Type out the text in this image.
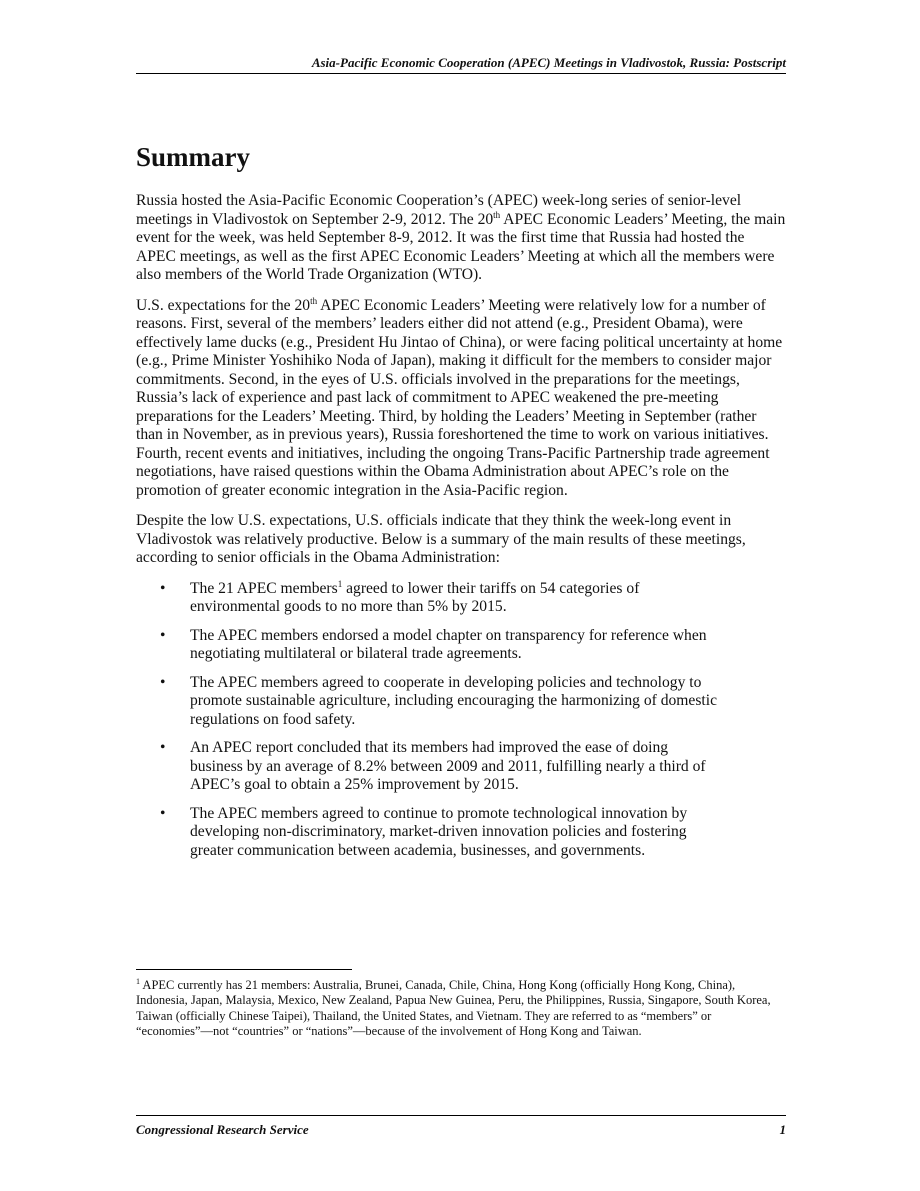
Asia-Pacific Economic Cooperation (APEC) Meetings in Vladivostok, Russia: Postscript
Summary

Russia hosted the Asia-Pacific Economic Cooperation’s (APEC) week-long series of senior-level meetings in Vladivostok on September 2-9, 2012. The 20th APEC Economic Leaders’ Meeting, the main event for the week, was held September 8-9, 2012. It was the first time that Russia had hosted the APEC meetings, as well as the first APEC Economic Leaders’ Meeting at which all the members were also members of the World Trade Organization (WTO).

U.S. expectations for the 20th APEC Economic Leaders’ Meeting were relatively low for a number of reasons. First, several of the members’ leaders either did not attend (e.g., President Obama), were effectively lame ducks (e.g., President Hu Jintao of China), or were facing political uncertainty at home (e.g., Prime Minister Yoshihiko Noda of Japan), making it difficult for the members to consider major commitments. Second, in the eyes of U.S. officials involved in the preparations for the meetings, Russia’s lack of experience and past lack of commitment to APEC weakened the pre-meeting preparations for the Leaders’ Meeting. Third, by holding the Leaders’ Meeting in September (rather than in November, as in previous years), Russia foreshortened the time to work on various initiatives. Fourth, recent events and initiatives, including the ongoing Trans-Pacific Partnership trade agreement negotiations, have raised questions within the Obama Administration about APEC’s role on the promotion of greater economic integration in the Asia-Pacific region.

Despite the low U.S. expectations, U.S. officials indicate that they think the week-long event in Vladivostok was relatively productive. Below is a summary of the main results of these meetings, according to senior officials in the Obama Administration:

• The 21 APEC members$^1$ agreed to lower their tariffs on 54 categories of environmental goods to no more than 5% by 2015.
• The APEC members endorsed a model chapter on transparency for reference when negotiating multilateral or bilateral trade agreements.
• The APEC members agreed to cooperate in developing policies and technology to promote sustainable agriculture, including encouraging the harmonizing of domestic regulations on food safety.
• An APEC report concluded that its members had improved the ease of doing business by an average of 8.2% between 2009 and 2011, fulfilling nearly a third of APEC’s goal to obtain a 25% improvement by 2015.
• The APEC members agreed to continue to promote technological innovation by developing non-discriminatory, market-driven innovation policies and fostering greater communication between academia, businesses, and governments.
$^1$ APEC currently has 21 members: Australia, Brunei, Canada, Chile, China, Hong Kong (officially Hong Kong, China), Indonesia, Japan, Malaysia, Mexico, New Zealand, Papua New Guinea, Peru, the Philippines, Russia, Singapore, South Korea, Taiwan (officially Chinese Taipei), Thailand, the United States, and Vietnam. They are referred to as “members” or “economies”—not “countries” or “nations”—because of the involvement of Hong Kong and Taiwan.
Congressional Research Service	1
